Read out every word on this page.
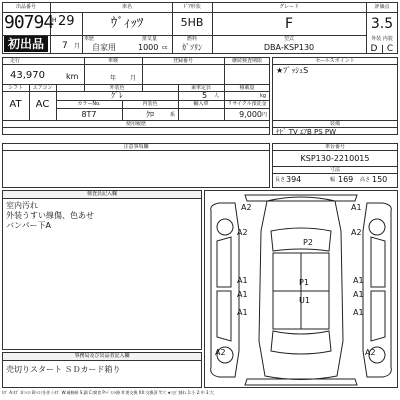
出品番号
90794
初出品
H 29
7 月
車名
ｳﾞｨｯﾂ
車歴
自家用
排気量
1000 cc
ﾄﾞｱ形状
5HB
燃料
ｶﾞｿﾘﾝ
グレード
F
型式
DBA-KSP130
評価点
3.5
外装 内装
D	C
走行
43,970	km
車検
年 月
登録番号	継続検査期限
シフト
AT
エアコン
AC
外装色
ｸﾞﾚ
乗車定員
5 人
積載量
kg
カラーNo.
8T7
内装色
ｸﾛ	系
輸入車	リサイクル預託金
9,000 円
使用履歴
セールスポイント
★ﾌﾟｯｼｭS
装備
ﾅﾋﾞ TV ｴｱB PS PW
注意事項欄	車台番号
KSP130-2210015
寸法
長さ 394	幅 169 高さ 150
検査員記入欄
室内汚れ
外装うすい線傷、色あせ
バンパー下A
事務局及び出品者記入欄
売切りスタート ＳＤカード箱り
A2	A1
A2	A2
P2
A1	A1
A1	A1
P1
U1
A1	A1
A2	A2
ｷｽﾞ A:ｷｽﾞ U:ﾍｺﾐ B:ﾍｺﾐを伴うｷｽﾞ W:補修跡 S:錆 C:腐食 P:ﾍﾟｲﾝﾄ跡 X:要交換 XX:交換済 Y:穴 ★:ﾋﾋﾞ割れ 1:小 2:中 3:大
